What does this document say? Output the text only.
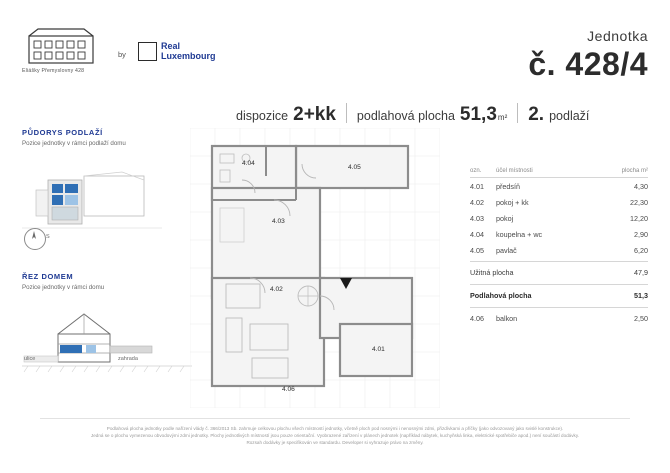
Eliášky Přemyslovny 428
by
Real
Luxembourg
Jednotka
č. 428/4
dispozice 2+kk podlahová plocha 51,3 m² 2. podlaží
PŮDORYS PODLAŽÍ
Pozice jednotky v rámci podlaží domu
S
ŘEZ DOMEM
Pozice jednotky v rámci domu
ulice	zahrada
4.04
4.05
4.03
4.02
4.01
4.06
ozn.	účel místnosti	plocha m²
4.01	předsíň	4,30
4.02	pokoj + kk	22,30
4.03	pokoj	12,20
4.04	koupelna + wc	2,90
4.05	pavlač	6,20
Užitná plocha	47,9
Podlahová plocha	51,3
4.06	balkon	2,50
Podlahová plocha jednotky podle nařízení vlády č. 366/2013 Sb. zahrnuje celkovou plochu všech místností jednotky, včetně ploch pod nosnými i nenosnými zdmi, přizdívkami a příčky (jako odvozovaný jako svislé konstrukce).
Jedná se o plochu vymezenou obvodovými zdmi jednotky. Plochy jednotlivých místností jsou pouze orientační. Vyobrazené zařízení v plánech jednotek (například nábytek, kuchyňská linka, elektrické spotřebiče apod.) není součástí dodávky.
Rozsah dodávky je specifikován ve standardu. Developer si vyhrazuje právo na změny.
